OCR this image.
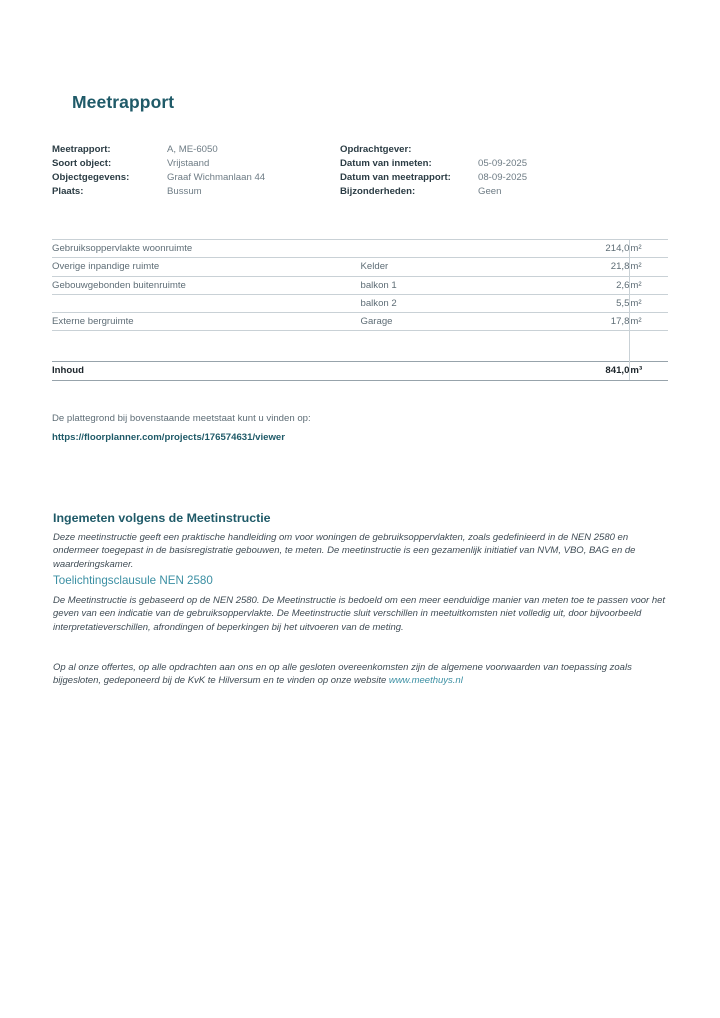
Meetrapport
Meetrapport:	A, ME-6050
Soort object:	Vrijstaand
Objectgegevens:	Graaf Wichmanlaan 44
Plaats:	Bussum
Opdrachtgever:
Datum van inmeten:	05-09-2025
Datum van meetrapport:	08-09-2025
Bijzonderheden:	Geen
Gebruiksoppervlakte woonruimte		214,0	m²
Overige inpandige ruimte	Kelder	21,8	m²
Gebouwgebonden buitenruimte	balkon 1	2,6	m²
	balkon 2	5,5	m²
Externe bergruimte	Garage	17,8	m²

Inhoud		841,0	m³
De plattegrond bij bovenstaande meetstaat kunt u vinden op:
https://floorplanner.com/projects/176574631/viewer
Ingemeten volgens de Meetinstructie
Deze meetinstructie geeft een praktische handleiding om voor woningen de gebruiksoppervlakten, zoals gedefinieerd in de NEN 2580 en ondermeer toegepast in de basisregistratie gebouwen, te meten. De meetinstructie is een gezamenlijk initiatief van NVM, VBO, BAG en de waarderingskamer.
Toelichtingsclausule NEN 2580
De Meetinstructie is gebaseerd op de NEN 2580. De Meetinstructie is bedoeld om een meer eenduidige manier van meten toe te passen voor het geven van een indicatie van de gebruiksoppervlakte. De Meetinstructie sluit verschillen in meetuitkomsten niet volledig uit, door bijvoorbeeld interpretatieverschillen, afrondingen of beperkingen bij het uitvoeren van de meting.
Op al onze offertes, op alle opdrachten aan ons en op alle gesloten overeenkomsten zijn de algemene voorwaarden van toepassing zoals bijgesloten, gedeponeerd bij de KvK te Hilversum en te vinden op onze website www.meethuys.nl
